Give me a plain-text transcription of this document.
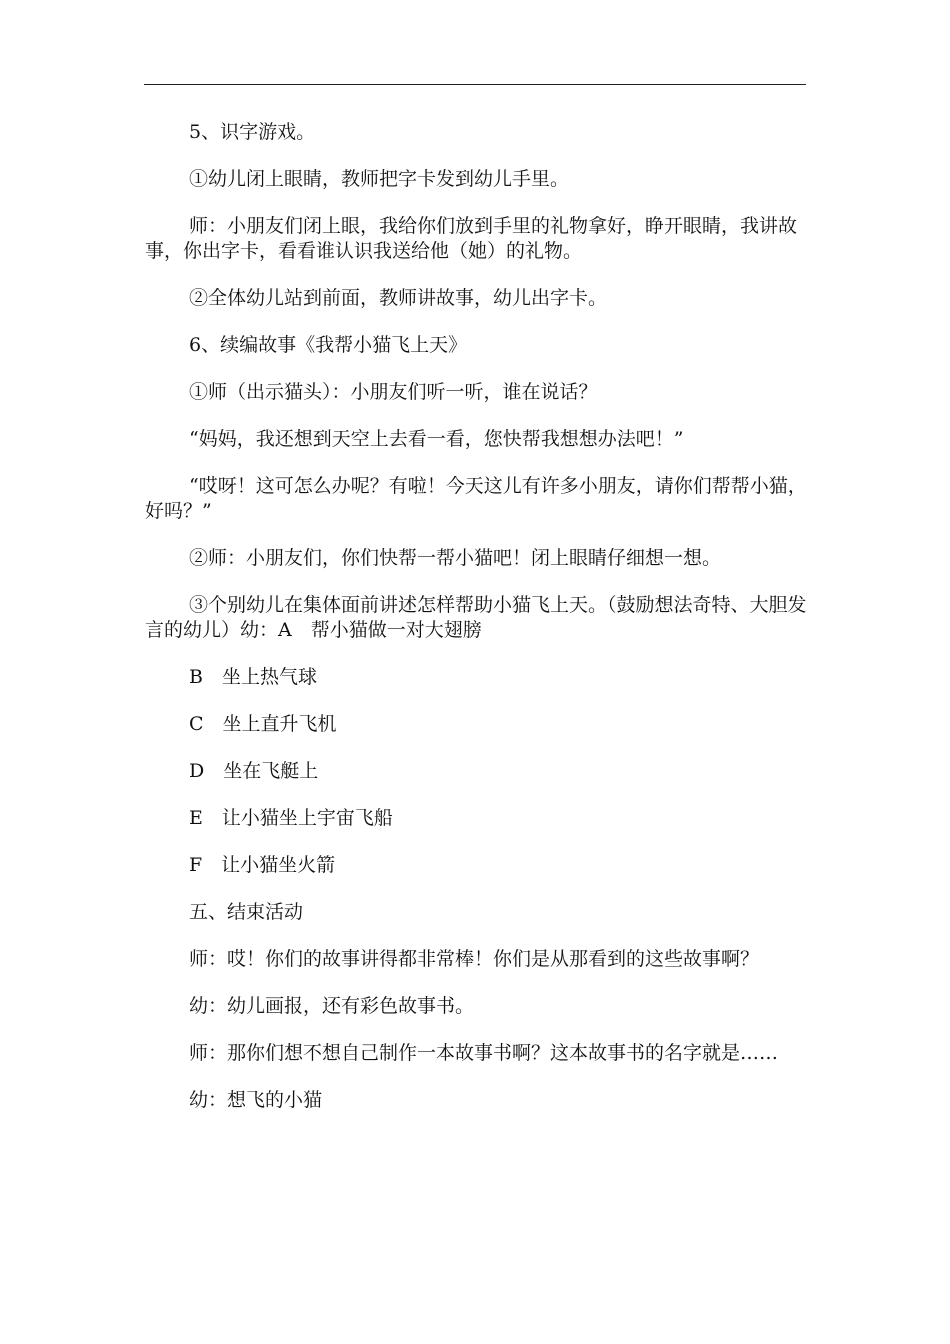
5、识字游戏。

①幼儿闭上眼睛，教师把字卡发到幼儿手里。

师：小朋友们闭上眼，我给你们放到手里的礼物拿好，睁开眼睛，我讲故事，你出字卡，看看谁认识我送给他（她）的礼物。

②全体幼儿站到前面，教师讲故事，幼儿出字卡。

6、续编故事《我帮小猫飞上天》

①师（出示猫头）：小朋友们听一听，谁在说话？

“妈妈，我还想到天空上去看一看，您快帮我想想办法吧！”

“哎呀！这可怎么办呢？有啦！今天这儿有许多小朋友，请你们帮帮小猫，好吗？”

②师：小朋友们，你们快帮一帮小猫吧！闭上眼睛仔细想一想。

③个别幼儿在集体面前讲述怎样帮助小猫飞上天。（鼓励想法奇特、大胆发言的幼儿）幼：A　帮小猫做一对大翅膀

B　坐上热气球

C　坐上直升飞机

D　坐在飞艇上

E　让小猫坐上宇宙飞船

F　让小猫坐火箭

五、结束活动

师：哎！你们的故事讲得都非常棒！你们是从那看到的这些故事啊？

幼：幼儿画报，还有彩色故事书。

师：那你们想不想自己制作一本故事书啊？这本故事书的名字就是……

幼：想飞的小猫
